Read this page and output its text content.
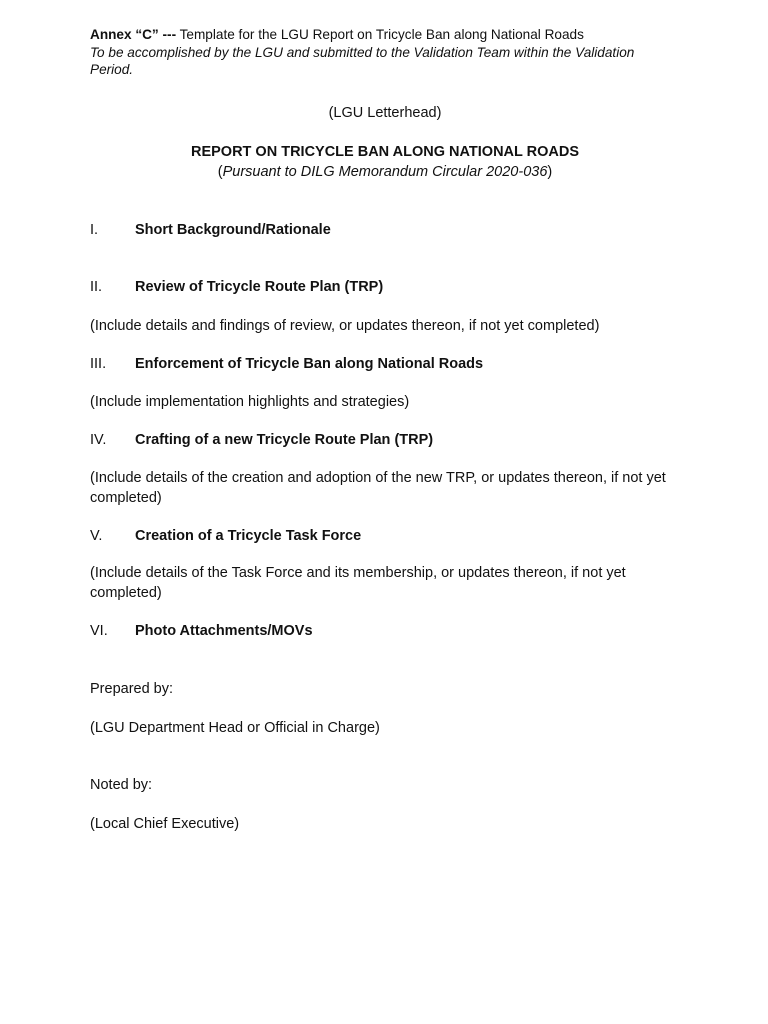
Annex “C” --- Template for the LGU Report on Tricycle Ban along National Roads
To be accomplished by the LGU and submitted to the Validation Team within the Validation Period.
(LGU Letterhead)
REPORT ON TRICYCLE BAN ALONG NATIONAL ROADS
(Pursuant to DILG Memorandum Circular 2020-036)
I.	Short Background/Rationale
II.	Review of Tricycle Route Plan (TRP)
(Include details and findings of review, or updates thereon, if not yet completed)
III.	Enforcement of Tricycle Ban along National Roads
(Include implementation highlights and strategies)
IV.	Crafting of a new Tricycle Route Plan (TRP)
(Include details of the creation and adoption of the new TRP, or updates thereon, if not yet completed)
V.	Creation of a Tricycle Task Force
(Include details of the Task Force and its membership, or updates thereon, if not yet completed)
VI.	Photo Attachments/MOVs
Prepared by:
(LGU Department Head or Official in Charge)
Noted by:
(Local Chief Executive)
